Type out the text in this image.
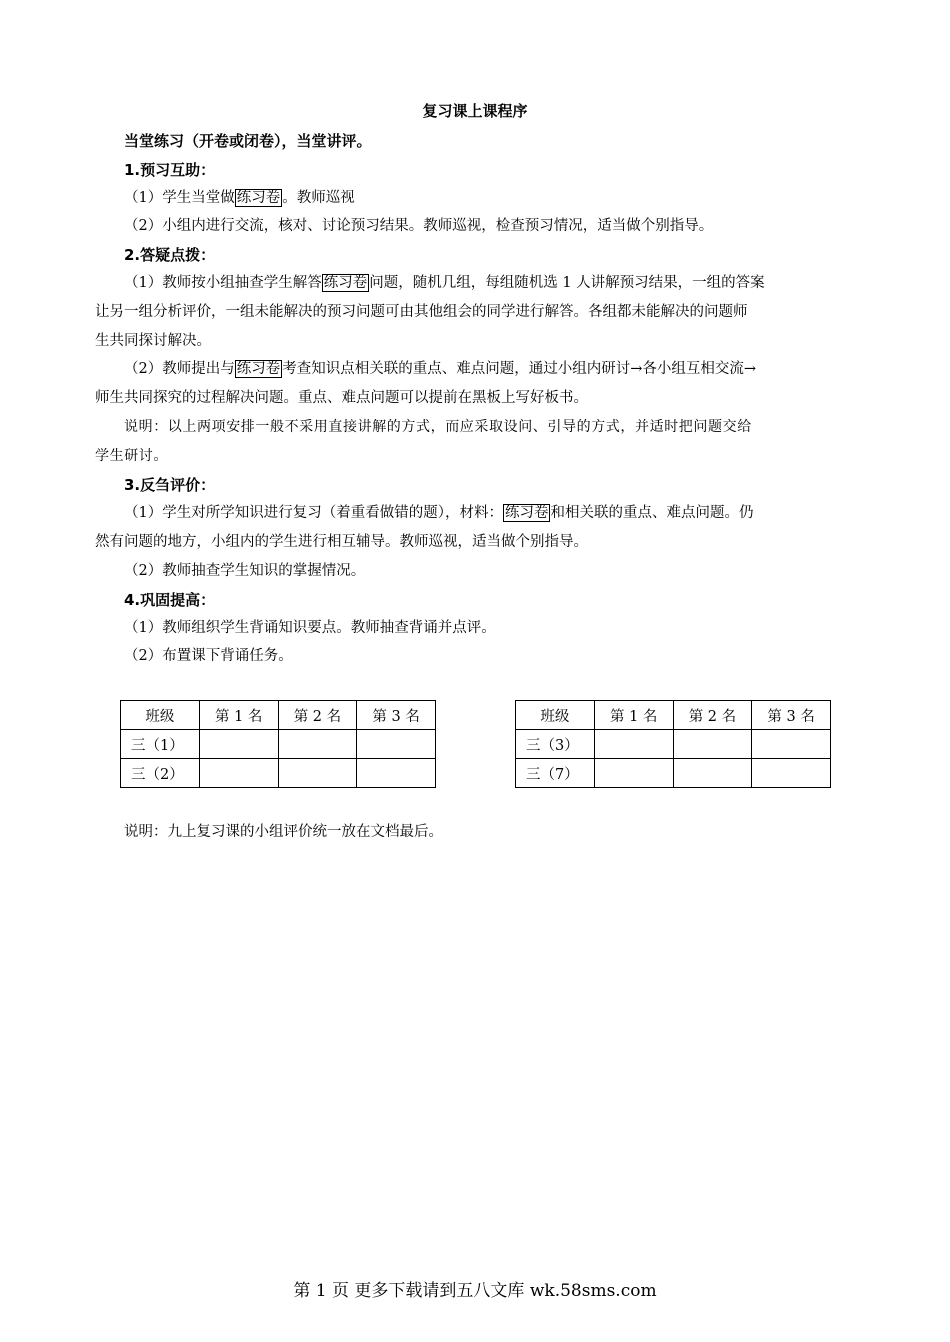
复习课上课程序
当堂练习（开卷或闭卷），当堂讲评。
1.预习互助：
（1）学生当堂做 练习卷 。教师巡视
（2）小组内进行交流，核对、讨论预习结果。教师巡视，检查预习情况，适当做个别指导。
2.答疑点拨：
（1）教师按小组抽查学生解答 练习卷 问题，随机几组，每组随机选 1 人讲解预习结果，一组的答案
让另一组分析评价，一组未能解决的预习问题可由其他组会的同学进行解答。各组都未能解决的问题师
生共同探讨解决。
（2）教师提出与 练习卷 考查知识点相关联的重点、难点问题，通过小组内研讨→各小组互相交流→
师生共同探究的过程解决问题。重点、难点问题可以提前在黑板上写好板书。
说明：以上两项安排一般不采用直接讲解的方式，而应采取设问、引导的方式，并适时把问题交给
学生研讨。
3.反刍评价：
（1）学生对所学知识进行复习（着重看做错的题），材料： 练习卷 和相关联的重点、难点问题。仍
然有问题的地方，小组内的学生进行相互辅导。教师巡视，适当做个别指导。
（2）教师抽查学生知识的掌握情况。
4.巩固提高：
（1）教师组织学生背诵知识要点。教师抽查背诵并点评。
（2）布置课下背诵任务。
班级	第 1 名	第 2 名	第 3 名
三（1）			
三（2）			
班级	第 1 名	第 2 名	第 3 名
三（3）			
三（7）			
说明：九上复习课的小组评价统一放在文档最后。
第 1 页 更多下载请到五八文库 wk.58sms.com
